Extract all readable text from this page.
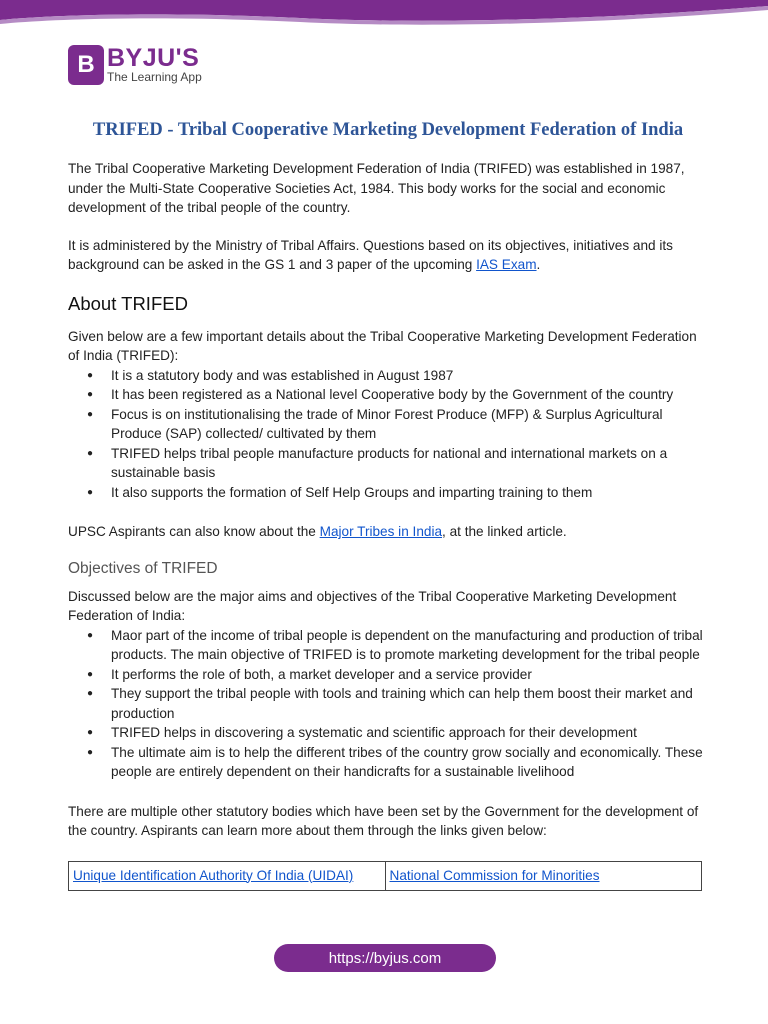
B BYJU'S
The Learning App
TRIFED - Tribal Cooperative Marketing Development Federation of India

The Tribal Cooperative Marketing Development Federation of India (TRIFED) was established in 1987, under the Multi-State Cooperative Societies Act, 1984. This body works for the social and economic development of the tribal people of the country.

It is administered by the Ministry of Tribal Affairs. Questions based on its objectives, initiatives and its background can be asked in the GS 1 and 3 paper of the upcoming IAS Exam.

About TRIFED

Given below are a few important details about the Tribal Cooperative Marketing Development Federation of India (TRIFED):

● It is a statutory body and was established in August 1987
● It has been registered as a National level Cooperative body by the Government of the country
● Focus is on institutionalising the trade of Minor Forest Produce (MFP) & Surplus Agricultural Produce (SAP) collected/ cultivated by them
● TRIFED helps tribal people manufacture products for national and international markets on a sustainable basis
● It also supports the formation of Self Help Groups and imparting training to them

UPSC Aspirants can also know about the Major Tribes in India, at the linked article.

Objectives of TRIFED

Discussed below are the major aims and objectives of the Tribal Cooperative Marketing Development Federation of India:

● Maor part of the income of tribal people is dependent on the manufacturing and production of tribal products. The main objective of TRIFED is to promote marketing development for the tribal people
● It performs the role of both, a market developer and a service provider
● They support the tribal people with tools and training which can help them boost their market and production
● TRIFED helps in discovering a systematic and scientific approach for their development
● The ultimate aim is to help the different tribes of the country grow socially and economically. These people are entirely dependent on their handicrafts for a sustainable livelihood

There are multiple other statutory bodies which have been set by the Government for the development of the country. Aspirants can learn more about them through the links given below:

Unique Identification Authority Of India (UIDAI)	National Commission for Minorities
https://byjus.com
